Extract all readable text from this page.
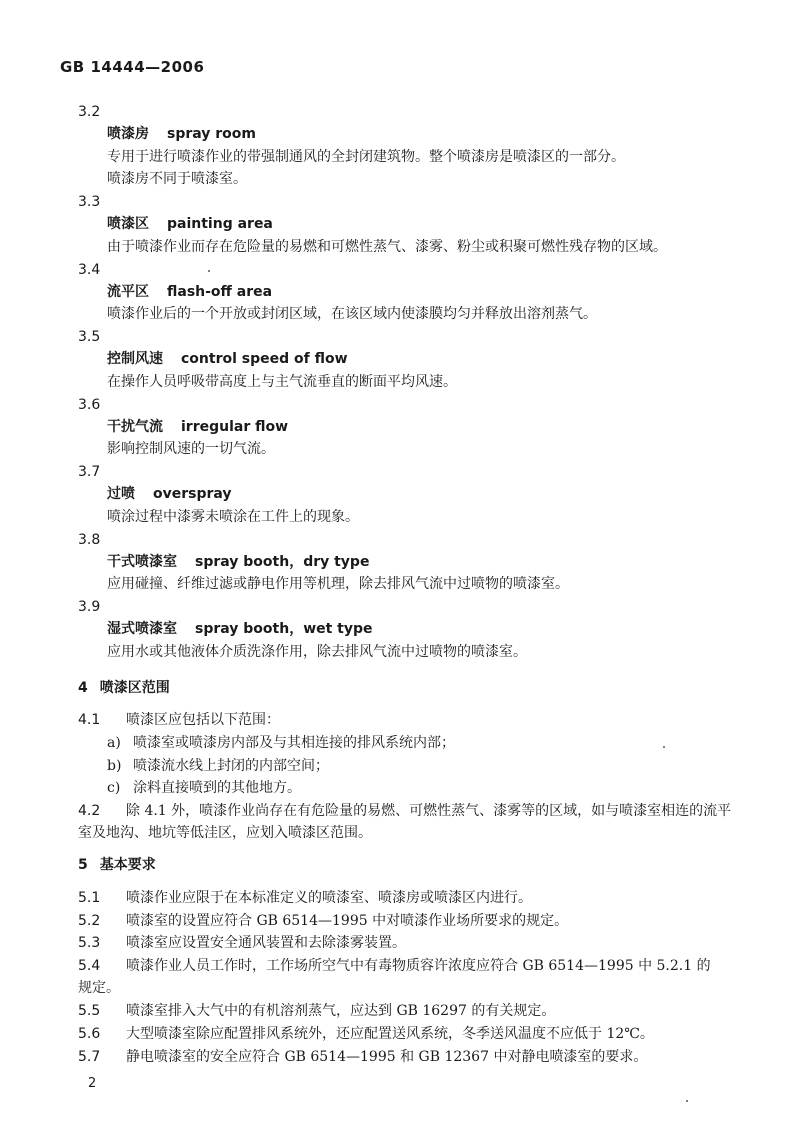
GB 14444—2006
3.2
喷漆房 spray room
专用于进行喷漆作业的带强制通风的全封闭建筑物。整个喷漆房是喷漆区的一部分。
喷漆房不同于喷漆室。
3.3
喷漆区 painting area
由于喷漆作业而存在危险量的易燃和可燃性蒸气、漆雾、粉尘或积聚可燃性残存物的区域。
3.4
流平区 flash-off area
喷漆作业后的一个开放或封闭区域，在该区域内使漆膜均匀并释放出溶剂蒸气。
3.5
控制风速 control speed of flow
在操作人员呼吸带高度上与主气流垂直的断面平均风速。
3.6
干扰气流 irregular flow
影响控制风速的一切气流。
3.7
过喷 overspray
喷涂过程中漆雾未喷涂在工件上的现象。
3.8
干式喷漆室 spray booth，dry type
应用碰撞、纤维过滤或静电作用等机理，除去排风气流中过喷物的喷漆室。
3.9
湿式喷漆室 spray booth，wet type
应用水或其他液体介质洗涤作用，除去排风气流中过喷物的喷漆室。
4 喷漆区范围
4.1 喷漆区应包括以下范围：
a) 喷漆室或喷漆房内部及与其相连接的排风系统内部；
b) 喷漆流水线上封闭的内部空间；
c) 涂料直接喷到的其他地方。
4.2 除 4.1 外，喷漆作业尚存在有危险量的易燃、可燃性蒸气、漆雾等的区域，如与喷漆室相连的流平
室及地沟、地坑等低洼区，应划入喷漆区范围。
5 基本要求
5.1 喷漆作业应限于在本标准定义的喷漆室、喷漆房或喷漆区内进行。
5.2 喷漆室的设置应符合 GB 6514—1995 中对喷漆作业场所要求的规定。
5.3 喷漆室应设置安全通风装置和去除漆雾装置。
5.4 喷漆作业人员工作时，工作场所空气中有毒物质容许浓度应符合 GB 6514—1995 中 5.2.1 的
规定。
5.5 喷漆室排入大气中的有机溶剂蒸气，应达到 GB 16297 的有关规定。
5.6 大型喷漆室除应配置排风系统外，还应配置送风系统，冬季送风温度不应低于 12℃。
5.7 静电喷漆室的安全应符合 GB 6514—1995 和 GB 12367 中对静电喷漆室的要求。
2
